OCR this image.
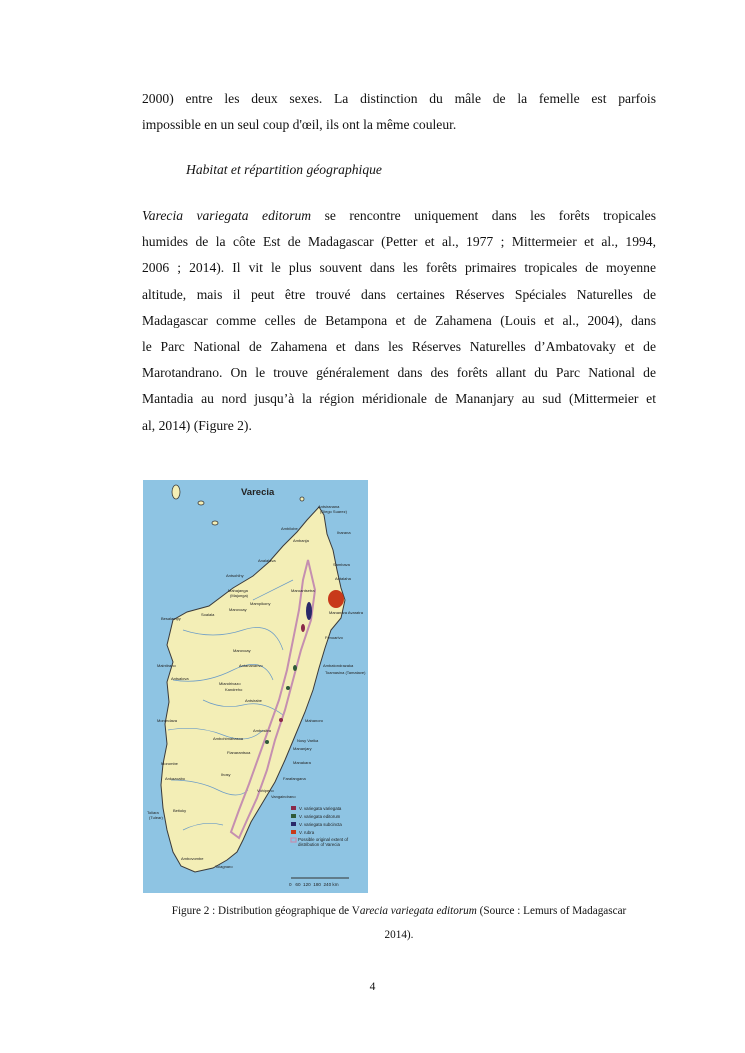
2000) entre les deux sexes. La distinction du mâle de la femelle est parfois
impossible en un seul coup d'œil, ils ont la même couleur.

Habitat et répartition géographique

Varecia variegata editorum se rencontre uniquement dans les forêts tropicales
humides de la côte Est de Madagascar (Petter et al., 1977 ; Mittermeier et al., 1994,
2006 ; 2014). Il vit le plus souvent dans les forêts primaires tropicales de moyenne
altitude, mais il peut être trouvé dans certaines Réserves Spéciales Naturelles de
Madagascar comme celles de Betampona et de Zahamena (Louis et al., 2004), dans
le Parc National de Zahamena et dans les Réserves Naturelles d’Ambatovaky et de
Marotandrano. On le trouve généralement dans des forêts allant du Parc National de
Mantadia au nord jusqu’à la région méridionale de Mananjary au sud (Mittermeier et
al, 2014) (Figure 2).

Varecia
Antsiranana
(Diego Suarez)
Iharana
Ambilobe
Ambanja
Sambava
Analalava
Antalaha
Antsohihy
Mahajanga
(Majunga)
Mampikony
Maroantsetra
Soalala
Marovoay
Mananara Avaratra
Besalampy
Fenoarivo
Maintirano	Ambatondrazaka
Toamasina (Tamatave)
Antsalova
Antananarivo
Marovoay
Miandrivazo
Antsirabe
Morondava
Ambositra
Ambohimahasoa
Fianarantsoa
Manakara
Morombe
Ankazoabo
Ihosy
Farafangana
Toliara
(Tulear)
Betioky
Ambovombe
Tolagnaro
Mahanoro
Nosy Varika
Mananjary
Vohipeno
Vangaindrano
Kandreho
V. variegata variegata
V. variegata editorum
V. variegata subcincta
V. rubra
Possible original extent of distribution of Varecia
0   60  120  180  240 km
Figure 2 : Distribution géographique de Varecia variegata editorum (Source : Lemurs of Madagascar
2014).
4
